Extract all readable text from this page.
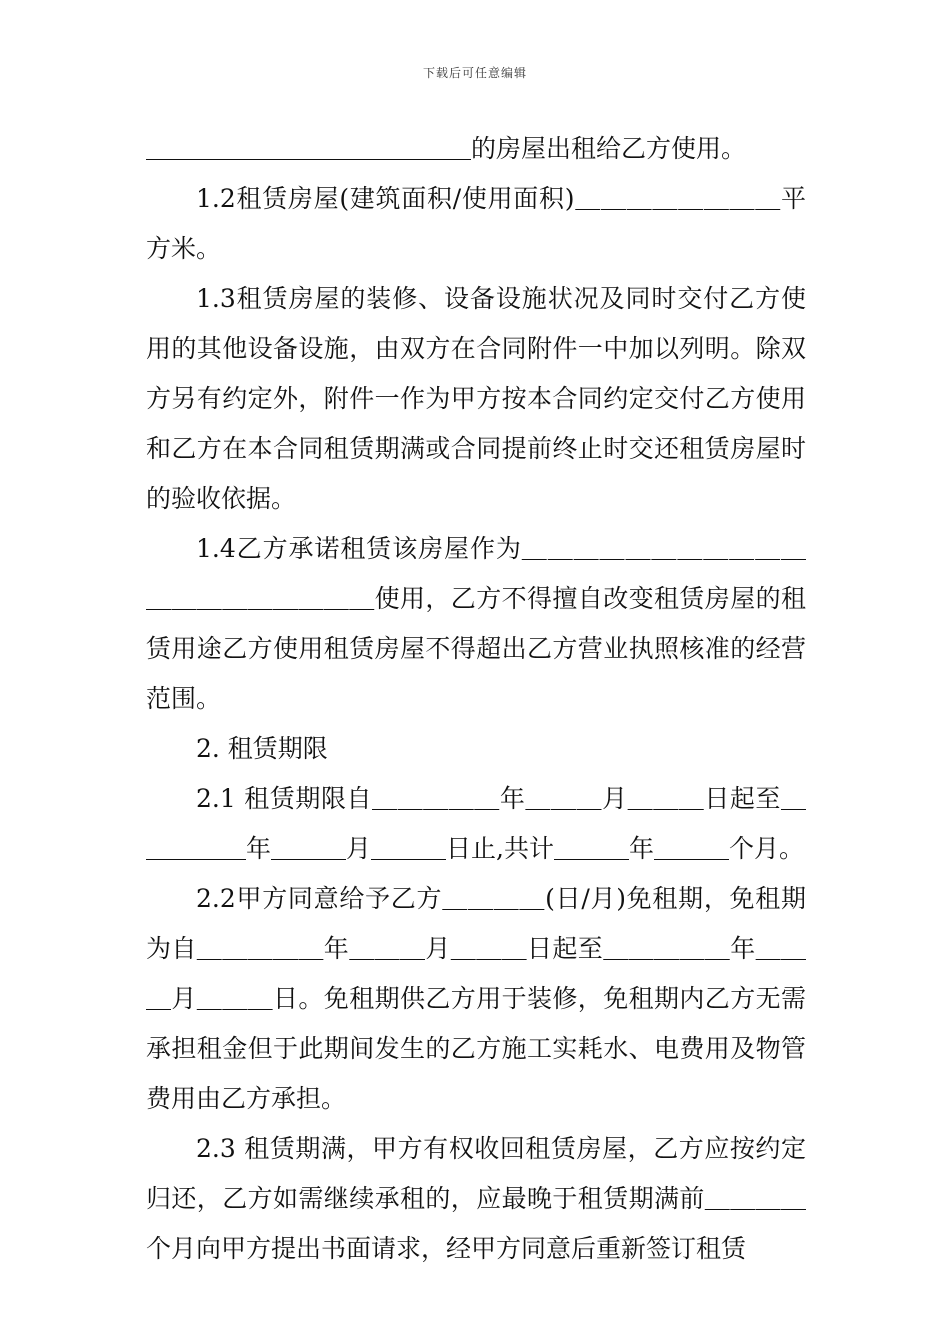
下载后可任意编辑

＿＿＿＿＿＿＿＿＿＿＿＿＿的房屋出租给乙方使用。

1.2租赁房屋(建筑面积/使用面积)＿＿＿＿＿＿＿＿平方米。

1.3租赁房屋的装修、设备设施状况及同时交付乙方使用的其他设备设施，由双方在合同附件一中加以列明。除双方另有约定外，附件一作为甲方按本合同约定交付乙方使用和乙方在本合同租赁期满或合同提前终止时交还租赁房屋时的验收依据。

1.4乙方承诺租赁该房屋作为＿＿＿＿＿＿＿＿＿＿＿＿＿＿＿＿＿＿＿＿使用，乙方不得擅自改变租赁房屋的租赁用途乙方使用租赁房屋不得超出乙方营业执照核准的经营范围。

2. 租赁期限

2.1 租赁期限自＿＿＿＿＿年＿＿＿月＿＿＿日起至＿＿＿＿＿年＿＿＿月＿＿＿日止,共计＿＿＿年＿＿＿个月。

2.2甲方同意给予乙方＿＿＿＿(日/月)免租期，免租期为自＿＿＿＿＿年＿＿＿月＿＿＿日起至＿＿＿＿＿年＿＿＿月＿＿＿日。免租期供乙方用于装修，免租期内乙方无需承担租金但于此期间发生的乙方施工实耗水、电费用及物管费用由乙方承担。

2.3 租赁期满，甲方有权收回租赁房屋，乙方应按约定归还，乙方如需继续承租的，应最晚于租赁期满前＿＿＿＿个月向甲方提出书面请求，经甲方同意后重新签订租赁
